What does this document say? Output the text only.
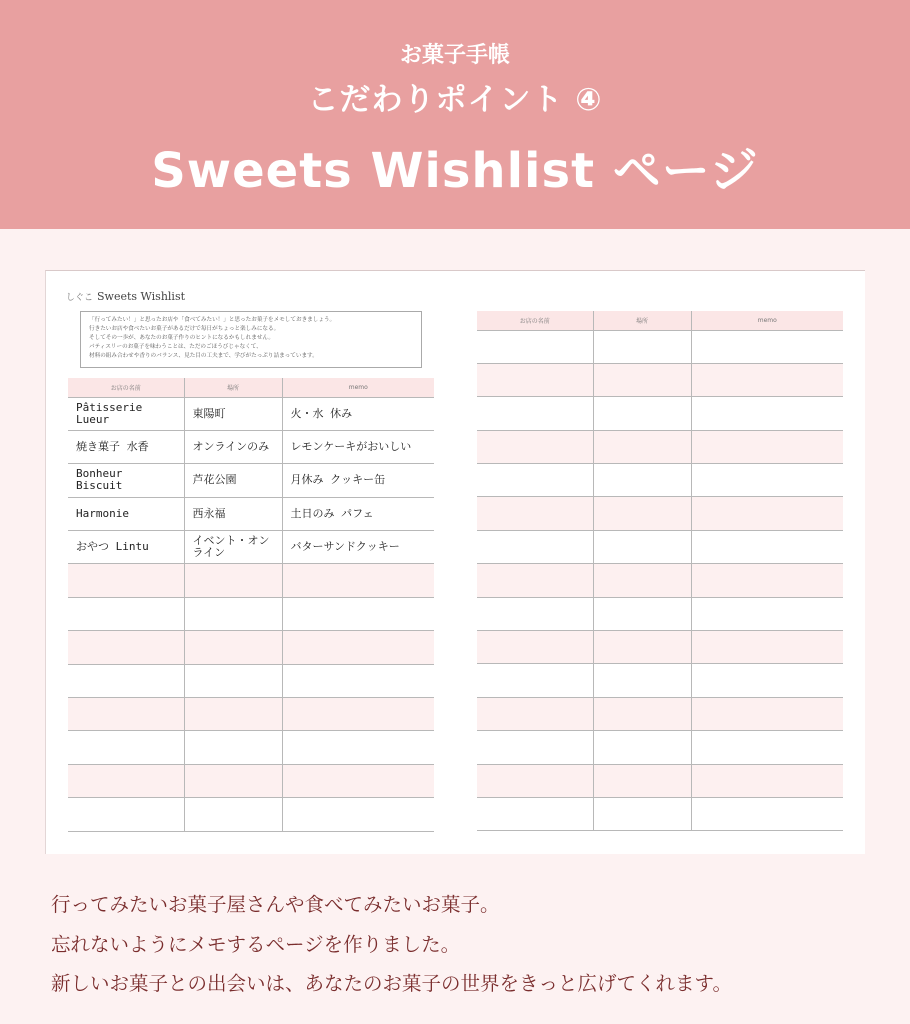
お菓子手帳
こだわりポイント ④
Sweets Wishlist ページ
しぐこ Sweets Wishlist

「行ってみたい！」と思ったお店や「食べてみたい！」と思ったお菓子をメモしておきましょう。

行きたいお店や食べたいお菓子があるだけで毎日がちょっと楽しみになる。

そしてその一歩が、あなたのお菓子作りのヒントになるかもしれません。

パティスリーのお菓子を味わうことは、ただのごほうびじゃなくて、

材料の組み合わせや香りのバランス、見た目の工夫まで、学びがたっぷり詰まっています。

お店の名前	場所	memo
Pâtisserie
Lueur	東陽町	火・水 休み
焼き菓子 水香	オンラインのみ	レモンケーキがおいしい
Bonheur
Biscuit	芦花公園	月休み クッキー缶
Harmonie	西永福	土日のみ パフェ
おやつ Lintu	イベント・オンライン	バターサンドクッキー

お店の名前	場所	memo

行ってみたいお菓子屋さんや食べてみたいお菓子。
忘れないようにメモするページを作りました。
新しいお菓子との出会いは、あなたのお菓子の世界をきっと広げてくれます。
